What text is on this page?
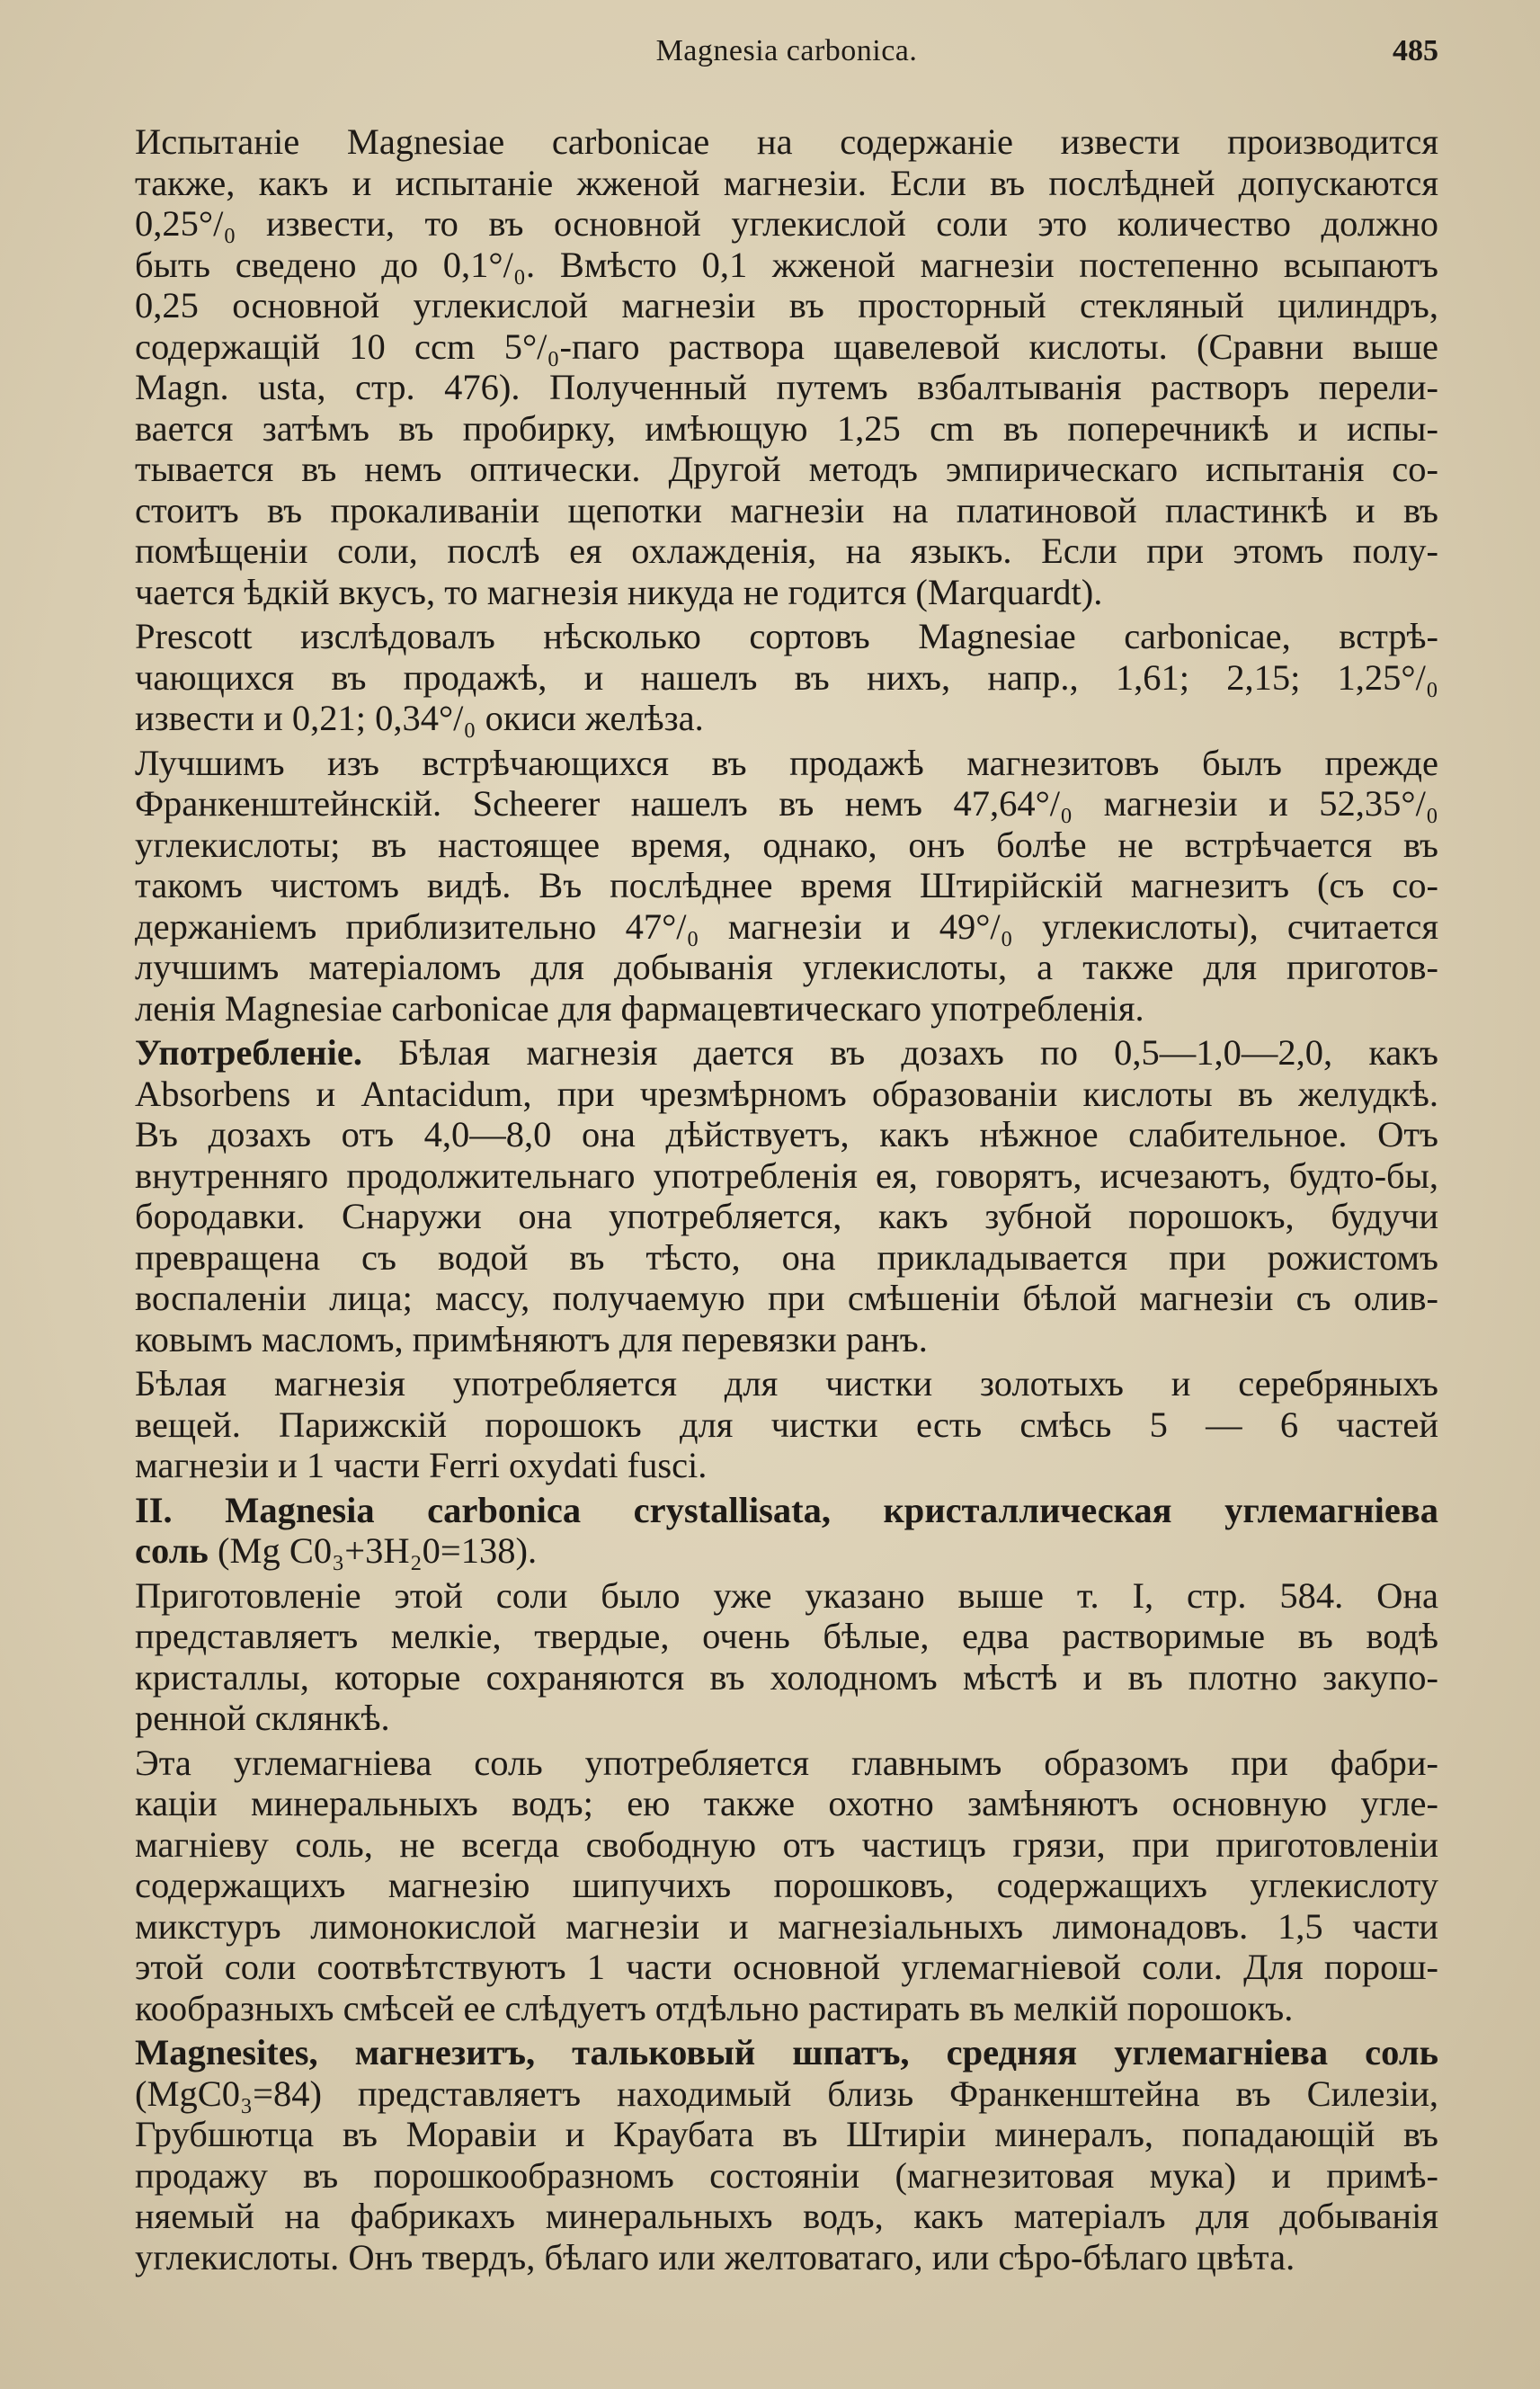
Magnesia carbonica.	485
Испытаніе Magnesiae carbonicae на содержаніе извести производится
также, какъ и испытаніе жженой магнезіи. Если въ послѣдней допускаются
0,25°/₀ извести, то въ основной углекислой соли это количество должно
быть сведено до 0,1°/₀. Вмѣсто 0,1 жженой магнезіи постепенно всыпаютъ
0,25 основной углекислой магнезіи въ просторный стекляный цилиндръ,
содержащій 10 ccm 5°/₀-паго раствора щавелевой кислоты. (Сравни выше
Magn. usta, стр. 476). Полученный путемъ взбалтыванія растворъ перели-
вается затѣмъ въ пробирку, имѣющую 1,25 cm въ поперечникѣ и испы-
тывается въ немъ оптически. Другой методъ эмпирическаго испытанія со-
стоитъ въ прокаливаніи щепотки магнезіи на платиновой пластинкѣ и въ
помѣщеніи соли, послѣ ея охлажденія, на языкъ. Если при этомъ полу-
чается ѣдкій вкусъ, то магнезія никуда не годится (Marquardt).
Prescott изслѣдовалъ нѣсколько сортовъ Magnesiae carbonicae, встрѣ-
чающихся въ продажѣ, и нашелъ въ нихъ, напр., 1,61; 2,15; 1,25°/₀
извести и 0,21; 0,34°/₀ окиси желѣза.
Лучшимъ изъ встрѣчающихся въ продажѣ магнезитовъ былъ прежде
Франкенштейнскій. Scheerer нашелъ въ немъ 47,64°/₀ магнезіи и 52,35°/₀
углекислоты; въ настоящее время, однако, онъ болѣе не встрѣчается въ
такомъ чистомъ видѣ. Въ послѣднее время Штирійскій магнезитъ (съ со-
держаніемъ приблизительно 47°/₀ магнезіи и 49°/₀ углекислоты), считается
лучшимъ матеріаломъ для добыванія углекислоты, а также для приготов-
ленія Magnesiae carbonicae для фармацевтическаго употребленія.
Употребленіе. Бѣлая магнезія дается въ дозахъ по 0,5—1,0—2,0, какъ
Absorbens и Antacidum, при чрезмѣрномъ образованіи кислоты въ желудкѣ.
Въ дозахъ отъ 4,0—8,0 она дѣйствуетъ, какъ нѣжное слабительное. Отъ
внутренняго продолжительнаго употребленія ея, говорятъ, исчезаютъ, будто-бы,
бородавки. Снаружи она употребляется, какъ зубной порошокъ, будучи
превращена съ водой въ тѣсто, она прикладывается при рожистомъ
воспаленіи лица; массу, получаемую при смѣшеніи бѣлой магнезіи съ олив-
ковымъ масломъ, примѣняютъ для перевязки ранъ.
Бѣлая магнезія употребляется для чистки золотыхъ и серебряныхъ
вещей. Парижскій порошокъ для чистки есть смѣсь 5 — 6 частей
магнезіи и 1 части Ferri oxydati fusci.
II. Magnesia carbonica crystallisata, кристаллическая углемагніева
соль (Mg C0₃+3H₂0=138).
Приготовленіе этой соли было уже указано выше т. I, стр. 584. Она
представляетъ мелкіе, твердые, очень бѣлые, едва растворимые въ водѣ
кристаллы, которые сохраняются въ холодномъ мѣстѣ и въ плотно закупо-
ренной склянкѣ.
Эта углемагніева соль употребляется главнымъ образомъ при фабри-
каціи минеральныхъ водъ; ею также охотно замѣняютъ основную угле-
магніеву соль, не всегда свободную отъ частицъ грязи, при приготовленіи
содержащихъ магнезію шипучихъ порошковъ, содержащихъ углекислоту
микстуръ лимонокислой магнезіи и магнезіальныхъ лимонадовъ. 1,5 части
этой соли соотвѣтствуютъ 1 части основной углемагніевой соли. Для порош-
кообразныхъ смѣсей ее слѣдуетъ отдѣльно растирать въ мелкій порошокъ.
Magnesites, магнезитъ, тальковый шпатъ, средняя углемагніева соль
(MgC0₃=84) представляетъ находимый близь Франкенштейна въ Силезіи,
Грубшютца въ Моравіи и Краубата въ Штиріи минералъ, попадающій въ
продажу въ порошкообразномъ состояніи (магнезитовая мука) и примѣ-
няемый на фабрикахъ минеральныхъ водъ, какъ матеріалъ для добыванія
углекислоты. Онъ твердъ, бѣлаго или желтоватаго, или сѣро-бѣлаго цвѣта.
